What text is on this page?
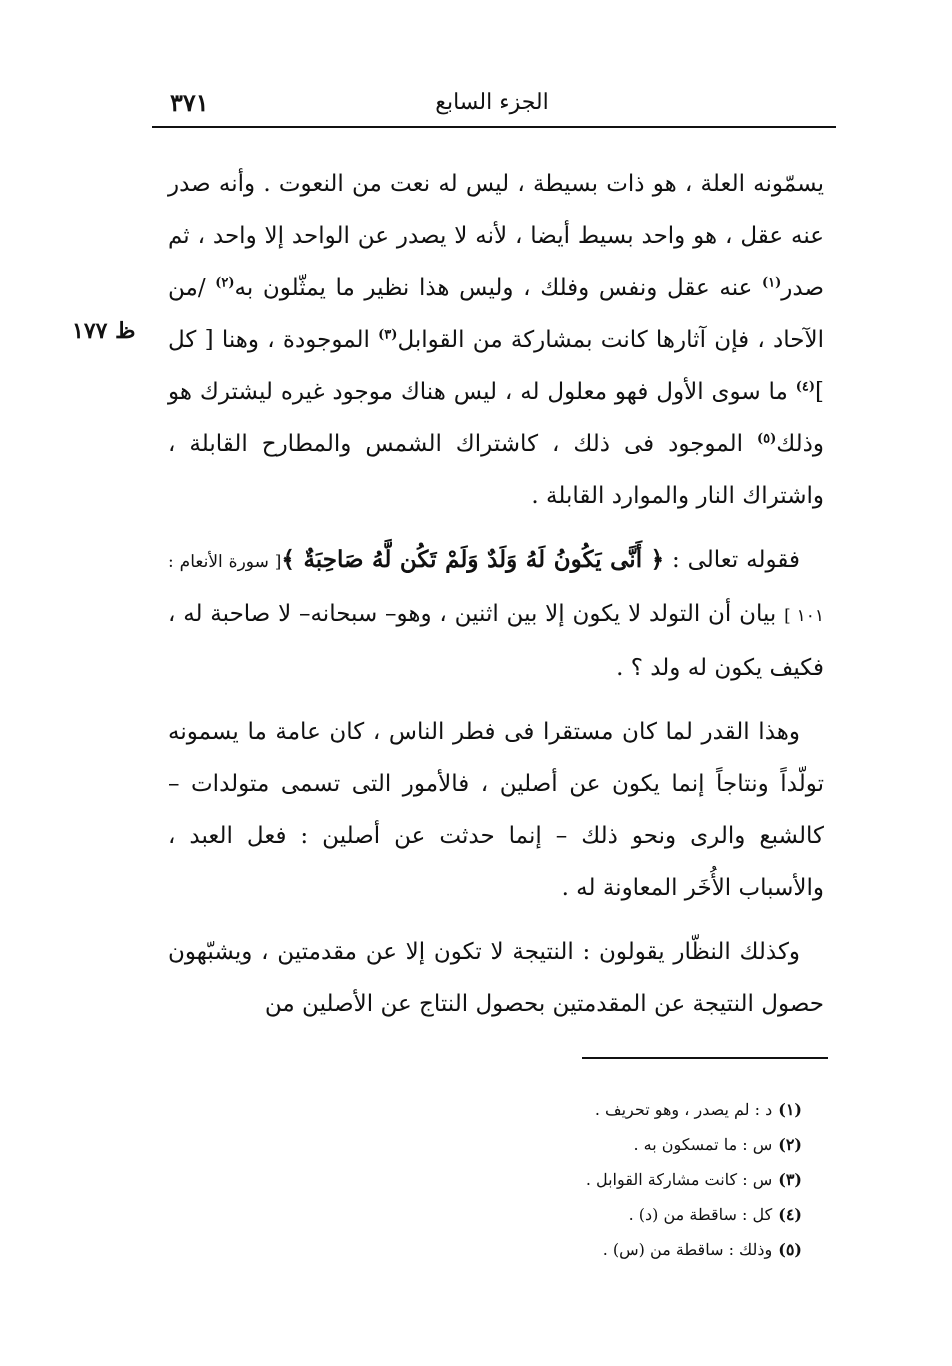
الجزء السابع
٣٧١
ظ ١٧٧

يسمّونه العلة ، هو ذات بسيطة ، ليس له نعت من النعوت . وأنه صدر عنه عقل ، هو واحد بسيط أيضا ، لأنه لا يصدر عن الواحد إلا واحد ، ثم صدر$^{(١)}$ عنه عقل ونفس وفلك ، وليس هذا نظير ما يمثّلون به$^{(٢)}$ /من الآحاد ، فإن آثارها كانت بمشاركة من القوابل$^{(٣)}$ الموجودة ، وهنا [ كل ]$^{(٤)}$ ما سوى الأول فهو معلول له ، ليس هناك موجود غيره ليشترك هو وذلك$^{(٥)}$ الموجود فى ذلك ، كاشتراك الشمس والمطارح القابلة ، واشتراك النار والموارد القابلة .

فقوله تعالى : ﴿ أَنَّى يَكُونُ لَهُ وَلَدٌ وَلَمْ تَكُن لَّهُ صَاحِبَةٌ ﴾[ سورة الأنعام : ١٠١ ] بيان أن التولد لا يكون إلا بين اثنين ، وهو– سبحانه– لا صاحبة له ، فكيف يكون له ولد ؟ .

وهذا القدر لما كان مستقرا فى فطر الناس ، كان عامة ما يسمونه تولّداً ونتاجاً إنما يكون عن أصلين ، فالأمور التى تسمى متولدات – كالشبع والرى ونحو ذلك – إنما حدثت عن أصلين : فعل العبد ، والأسباب الأُخَر المعاونة له .

وكذلك النظّار يقولون : النتيجة لا تكون إلا عن مقدمتين ، ويشبّهون حصول النتيجة عن المقدمتين بحصول النتاج عن الأصلين من

(١)د : لم يصدر ، وهو تحريف .
(٢)س : ما تمسكون به .
(٣)س : كانت مشاركة القوابل .
(٤)كل : ساقطة من (د) .
(٥)وذلك : ساقطة من (س) .
